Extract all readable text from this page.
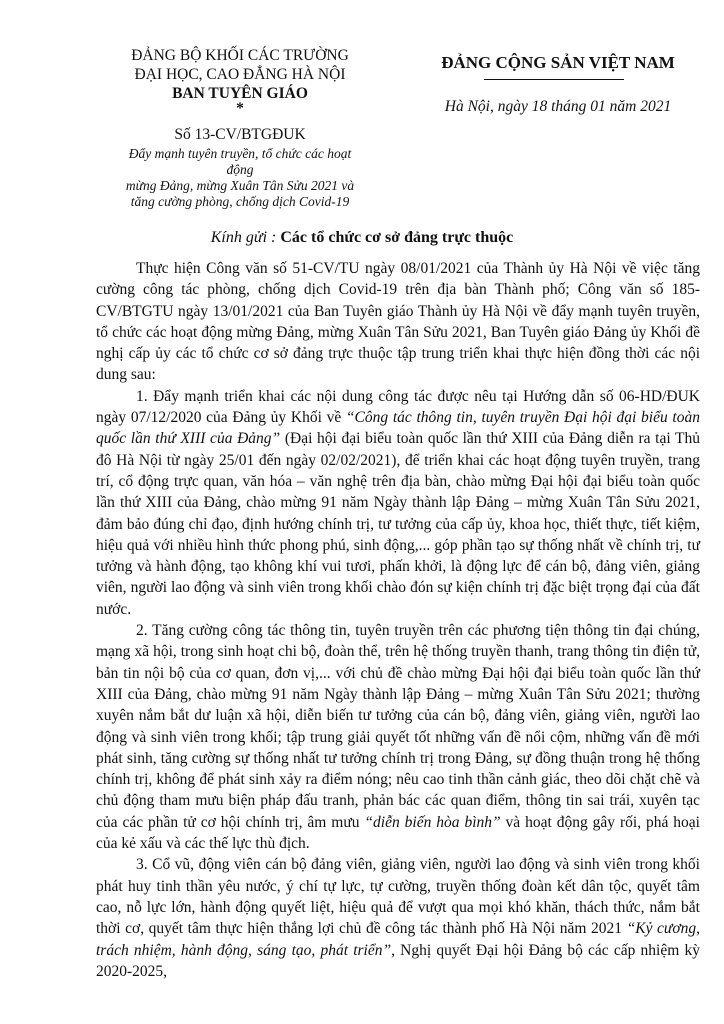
ĐẢNG BỘ KHỐI CÁC TRƯỜNG
ĐẠI HỌC, CAO ĐẲNG HÀ NỘI
BAN TUYÊN GIÁO
*
Số 13-CV/BTGĐUK
Đẩy mạnh tuyên truyền, tổ chức các hoạt động
mừng Đảng, mừng Xuân Tân Sửu 2021 và
tăng cường phòng, chống dịch Covid-19
ĐẢNG CỘNG SẢN VIỆT NAM
Hà Nội, ngày 18 tháng 01 năm 2021
Kính gửi : Các tổ chức cơ sở đảng trực thuộc

Thực hiện Công văn số 51-CV/TU ngày 08/01/2021 của Thành ủy Hà Nội về việc tăng cường công tác phòng, chống dịch Covid-19 trên địa bàn Thành phố; Công văn số 185-CV/BTGTU ngày 13/01/2021 của Ban Tuyên giáo Thành ủy Hà Nội về đẩy mạnh tuyên truyền, tổ chức các hoạt động mừng Đảng, mừng Xuân Tân Sửu 2021, Ban Tuyên giáo Đảng ủy Khối đề nghị cấp ủy các tổ chức cơ sở đảng trực thuộc tập trung triển khai thực hiện đồng thời các nội dung sau:

1. Đẩy mạnh triển khai các nội dung công tác được nêu tại Hướng dẫn số 06-HD/ĐUK ngày 07/12/2020 của Đảng ủy Khối về “Công tác thông tin, tuyên truyền Đại hội đại biểu toàn quốc lần thứ XIII của Đảng” (Đại hội đại biểu toàn quốc lần thứ XIII của Đảng diễn ra tại Thủ đô Hà Nội từ ngày 25/01 đến ngày 02/02/2021), để triển khai các hoạt động tuyên truyền, trang trí, cổ động trực quan, văn hóa – văn nghệ trên địa bàn, chào mừng Đại hội đại biểu toàn quốc lần thứ XIII của Đảng, chào mừng 91 năm Ngày thành lập Đảng – mừng Xuân Tân Sửu 2021, đảm bảo đúng chỉ đạo, định hướng chính trị, tư tưởng của cấp ủy, khoa học, thiết thực, tiết kiệm, hiệu quả với nhiều hình thức phong phú, sinh động,... góp phần tạo sự thống nhất về chính trị, tư tưởng và hành động, tạo không khí vui tươi, phấn khởi, là động lực để cán bộ, đảng viên, giảng viên, người lao động và sinh viên trong khối chào đón sự kiện chính trị đặc biệt trọng đại của đất nước.

2. Tăng cường công tác thông tin, tuyên truyền trên các phương tiện thông tin đại chúng, mạng xã hội, trong sinh hoạt chi bộ, đoàn thể, trên hệ thống truyền thanh, trang thông tin điện tử, bản tin nội bộ của cơ quan, đơn vị,... với chủ đề chào mừng Đại hội đại biểu toàn quốc lần thứ XIII của Đảng, chào mừng 91 năm Ngày thành lập Đảng – mừng Xuân Tân Sửu 2021; thường xuyên nắm bắt dư luận xã hội, diễn biến tư tưởng của cán bộ, đảng viên, giảng viên, người lao động và sinh viên trong khối; tập trung giải quyết tốt những vấn đề nổi cộm, những vấn đề mới phát sinh, tăng cường sự thống nhất tư tưởng chính trị trong Đảng, sự đồng thuận trong hệ thống chính trị, không để phát sinh xảy ra điểm nóng; nêu cao tinh thần cảnh giác, theo dõi chặt chẽ và chủ động tham mưu biện pháp đấu tranh, phản bác các quan điểm, thông tin sai trái, xuyên tạc của các phần tử cơ hội chính trị, âm mưu “diễn biến hòa bình” và hoạt động gây rối, phá hoại của kẻ xấu và các thế lực thù địch.

3. Cổ vũ, động viên cán bộ đảng viên, giảng viên, người lao động và sinh viên trong khối phát huy tinh thần yêu nước, ý chí tự lực, tự cường, truyền thống đoàn kết dân tộc, quyết tâm cao, nỗ lực lớn, hành động quyết liệt, hiệu quả để vượt qua mọi khó khăn, thách thức, nắm bắt thời cơ, quyết tâm thực hiện thắng lợi chủ đề công tác thành phố Hà Nội năm 2021 “Kỷ cương, trách nhiệm, hành động, sáng tạo, phát triển”, Nghị quyết Đại hội Đảng bộ các cấp nhiệm kỳ 2020-2025,
